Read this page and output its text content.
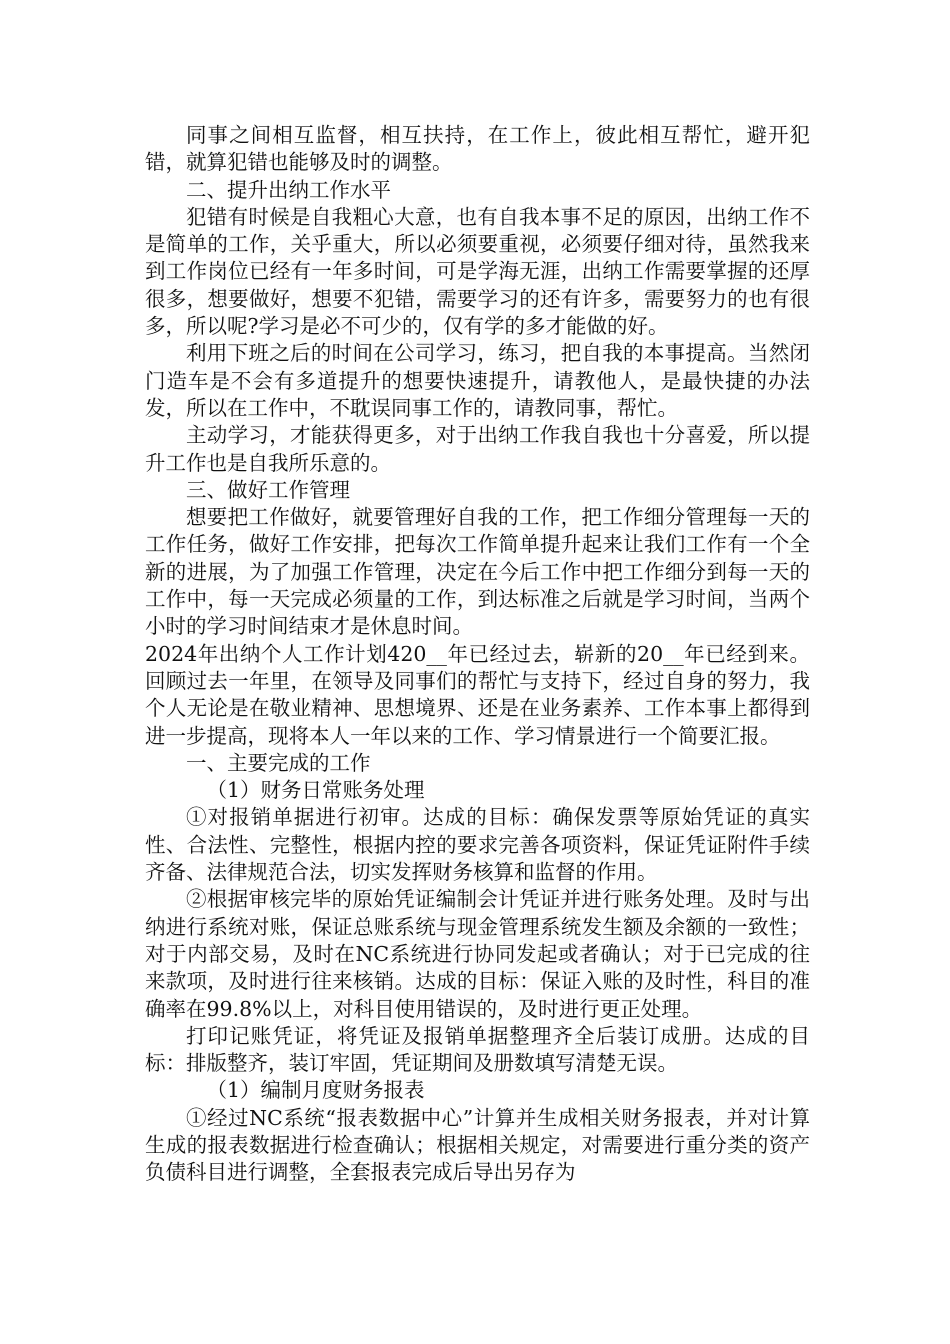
同事之间相互监督，相互扶持，在工作上，彼此相互帮忙，避开犯错，就算犯错也能够及时的调整。

二、提升出纳工作水平

犯错有时候是自我粗心大意，也有自我本事不足的原因，出纳工作不是简单的工作，关乎重大，所以必须要重视，必须要仔细对待，虽然我来到工作岗位已经有一年多时间，可是学海无涯，出纳工作需要掌握的还厚很多，想要做好，想要不犯错，需要学习的还有许多，需要努力的也有很多，所以呢?学习是必不可少的，仅有学的多才能做的好。

利用下班之后的时间在公司学习，练习，把自我的本事提高。当然闭门造车是不会有多道提升的想要快速提升，请教他人，是最快捷的办法发，所以在工作中，不耽误同事工作的，请教同事，帮忙。

主动学习，才能获得更多，对于出纳工作我自我也十分喜爱，所以提升工作也是自我所乐意的。

三、做好工作管理

想要把工作做好，就要管理好自我的工作，把工作细分管理每一天的工作任务，做好工作安排，把每次工作简单提升起来让我们工作有一个全新的进展，为了加强工作管理，决定在今后工作中把工作细分到每一天的工作中，每一天完成必须量的工作，到达标准之后就是学习时间，当两个小时的学习时间结束才是休息时间。

2024年出纳个人工作计划420__年已经过去，崭新的20__年已经到来。回顾过去一年里，在领导及同事们的帮忙与支持下，经过自身的努力，我个人无论是在敬业精神、思想境界、还是在业务素养、工作本事上都得到进一步提高，现将本人一年以来的工作、学习情景进行一个简要汇报。

一、主要完成的工作

（1）财务日常账务处理

①对报销单据进行初审。达成的目标：确保发票等原始凭证的真实性、合法性、完整性，根据内控的要求完善各项资料，保证凭证附件手续齐备、法律规范合法，切实发挥财务核算和监督的作用。

②根据审核完毕的原始凭证编制会计凭证并进行账务处理。及时与出纳进行系统对账，保证总账系统与现金管理系统发生额及余额的一致性；对于内部交易，及时在NC系统进行协同发起或者确认；对于已完成的往来款项，及时进行往来核销。达成的目标：保证入账的及时性，科目的准确率在99.8%以上，对科目使用错误的，及时进行更正处理。

打印记账凭证，将凭证及报销单据整理齐全后装订成册。达成的目标：排版整齐，装订牢固，凭证期间及册数填写清楚无误。

（1）编制月度财务报表

①经过NC系统“报表数据中心”计算并生成相关财务报表，并对计算生成的报表数据进行检查确认；根据相关规定，对需要进行重分类的资产负债科目进行调整，全套报表完成后导出另存为
